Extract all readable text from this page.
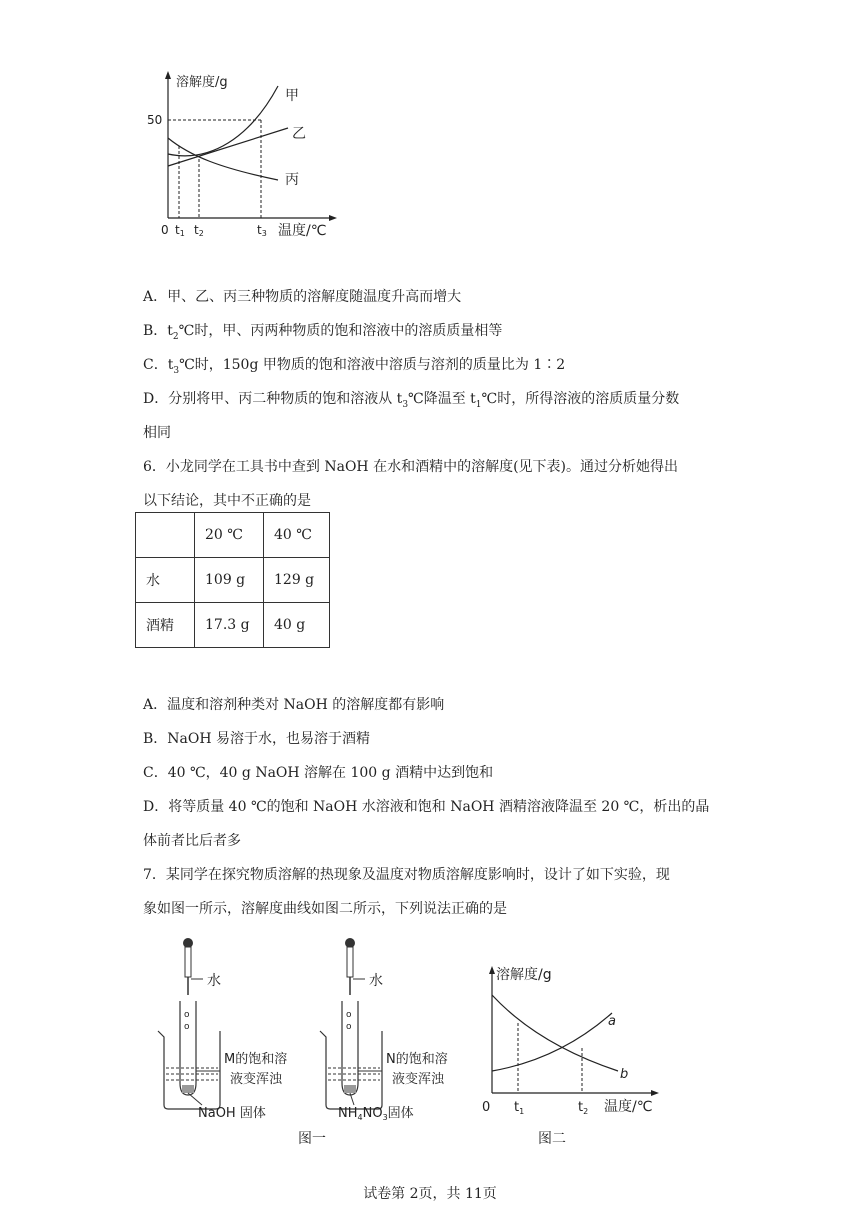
溶解度/g
50
甲
乙
丙
0 t1 t2	t3 温度/℃
A．甲、乙、丙三种物质的溶解度随温度升高而增大
B．$t_2℃$时，甲、丙两种物质的饱和溶液中的溶质质量相等
C．$t_3℃$时，150g 甲物质的饱和溶液中溶质与溶剂的质量比为 1∶2
D．分别将甲、丙二种物质的饱和溶液从 $t_3℃$降温至 $t_1℃$时，所得溶液的溶质质量分数
相同
6．小龙同学在工具书中查到 NaOH 在水和酒精中的溶解度(见下表)。通过分析她得出
以下结论，其中不正确的是
	20 ℃	40 ℃
水	109 g	129 g
酒精	17.3 g	40 g
A．温度和溶剂种类对 NaOH 的溶解度都有影响
B．NaOH 易溶于水，也易溶于酒精
C．40 ℃，40 g NaOH 溶解在 100 g 酒精中达到饱和
D．将等质量 40 ℃的饱和 NaOH 水溶液和饱和 NaOH 酒精溶液降温至 20 ℃，析出的晶
体前者比后者多
7．某同学在探究物质溶解的热现象及温度对物质溶解度影响时，设计了如下实验，现
象如图一所示，溶解度曲线如图二所示，下列说法正确的是
水
o
o
NaOH 固体
M的饱和溶
液变浑浊
水
o
o
$NH_4NO_3$固体
N的饱和溶
液变浑浊
图一
溶解度/g
a
b
0 $t_1$	$t_2$ 温度/℃
图二
试卷第 2页，共 11页
